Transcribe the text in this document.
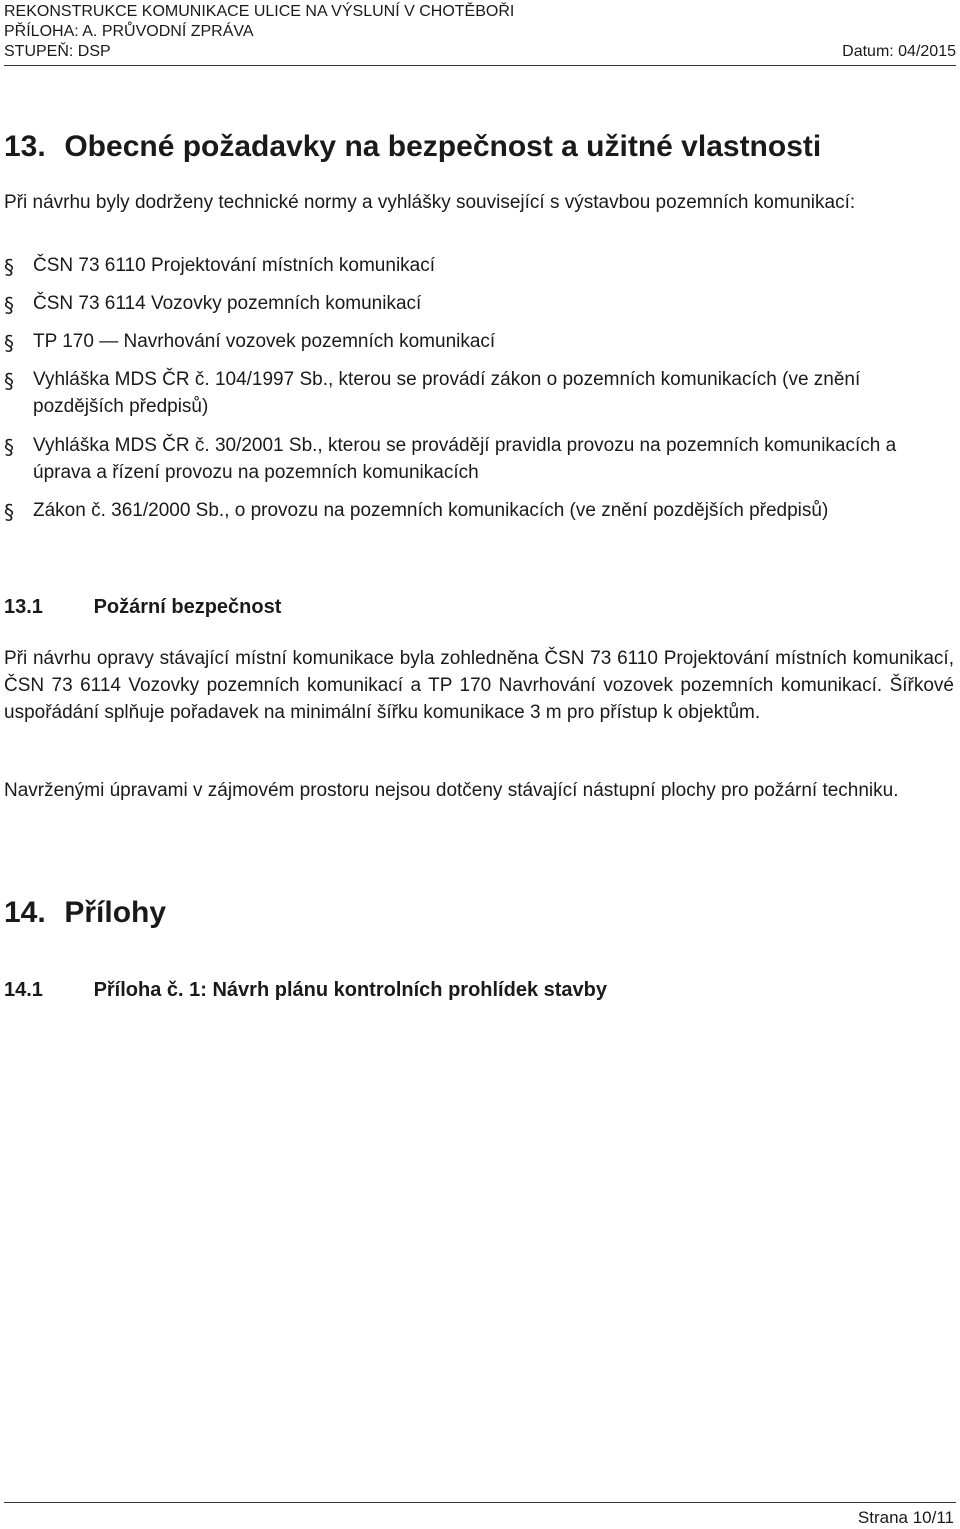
REKONSTRUKCE KOMUNIKACE ULICE NA VÝSLUNÍ V CHOTĚBOŘI
PŘÍLOHA: A. PRŮVODNÍ ZPRÁVA
STUPEŇ: DSP	Datum: 04/2015
13. Obecné požadavky na bezpečnost a užitné vlastnosti
Při návrhu byly dodrženy technické normy a vyhlášky související s výstavbou pozemních komunikací:
§ ČSN 73 6110 Projektování místních komunikací
§ ČSN 73 6114 Vozovky pozemních komunikací
§ TP 170 — Navrhování vozovek pozemních komunikací
§ Vyhláška MDS ČR č. 104/1997 Sb., kterou se provádí zákon o pozemních komunikacích (ve znění pozdějších předpisů)
§ Vyhláška MDS ČR č. 30/2001 Sb., kterou se provádějí pravidla provozu na pozemních komunikacích a úprava a řízení provozu na pozemních komunikacích
§ Zákon č. 361/2000 Sb., o provozu na pozemních komunikacích (ve znění pozdějších předpisů)
13.1	Požární bezpečnost
Při návrhu opravy stávající místní komunikace byla zohledněna ČSN 73 6110 Projektování místních komunikací, ČSN 73 6114 Vozovky pozemních komunikací a TP 170 Navrhování vozovek pozemních komunikací. Šířkové uspořádání splňuje pořadavek na minimální šířku komunikace 3 m pro přístup k objektům.
Navrženými úpravami v zájmovém prostoru nejsou dotčeny stávající nástupní plochy pro požární techniku.
14. Přílohy
14.1	Příloha č. 1: Návrh plánu kontrolních prohlídek stavby
Strana 10/11
